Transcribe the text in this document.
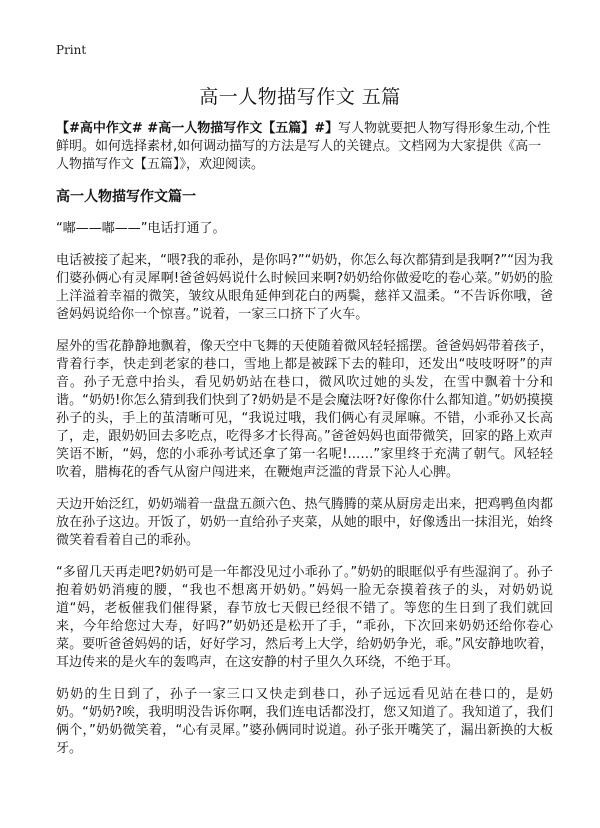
Print
高一人物描写作文 五篇

【#高中作文# #高一人物描写作文【五篇】#】写人物就要把人物写得形象生动,个性鲜明。如何选择素材,如何调动描写的方法是写人的关键点。文档网为大家提供《高一人物描写作文【五篇】》，欢迎阅读。

高一人物描写作文篇一

“嘟——嘟——”电话打通了。

电话被接了起来，“喂?我的乖孙，是你吗?”“奶奶，你怎么每次都猜到是我啊?”“因为我们婆孙俩心有灵犀啊!爸爸妈妈说什么时候回来啊?奶奶给你做爱吃的卷心菜。”奶奶的脸上洋溢着幸福的微笑，皱纹从眼角延伸到花白的两鬓，慈祥又温柔。“不告诉你哦，爸爸妈妈说给你一个惊喜。”说着，一家三口挤下了火车。

屋外的雪花静静地飘着，像天空中飞舞的天使随着微风轻轻摇摆。爸爸妈妈带着孩子，背着行李，快走到老家的巷口，雪地上都是被踩下去的鞋印，还发出“吱吱呀呀”的声音。孙子无意中抬头，看见奶奶站在巷口，微风吹过她的头发，在雪中飘着十分和谐。“奶奶!你怎么猜到我们快到了?奶奶是不是会魔法呀?好像你什么都知道。”奶奶摸摸孙子的头，手上的茧清晰可见，“我说过哦，我们俩心有灵犀嘛。不错，小乖孙又长高了，走，跟奶奶回去多吃点，吃得多才长得高。”爸爸妈妈也面带微笑，回家的路上欢声笑语不断，“妈，您的小乖孙考试还拿了第一名呢!……”家里终于充满了朝气。风轻轻吹着，腊梅花的香气从窗户闯进来，在鞭炮声泛滥的背景下沁人心脾。

天边开始泛红，奶奶端着一盘盘五颜六色、热气腾腾的菜从厨房走出来，把鸡鸭鱼肉都放在孙子这边。开饭了，奶奶一直给孙子夹菜，从她的眼中，好像透出一抹泪光，始终微笑着看着自己的乖孙。

“多留几天再走吧?奶奶可是一年都没见过小乖孙了。”奶奶的眼眶似乎有些湿润了。孙子抱着奶奶消瘦的腰，“我也不想离开奶奶。”妈妈一脸无奈摸着孩子的头，对奶奶说道“妈，老板催我们催得紧，春节放七天假已经很不错了。等您的生日到了我们就回来，今年给您过大寿，好吗?”奶奶还是松开了手，“乖孙，下次回来奶奶还给你卷心菜。要听爸爸妈妈的话，好好学习，然后考上大学，给奶奶争光，乖。”风安静地吹着，耳边传来的是火车的轰鸣声，在这安静的村子里久久环绕，不绝于耳。

奶奶的生日到了，孙子一家三口又快走到巷口，孙子远远看见站在巷口的，是奶奶。“奶奶?唉，我明明没告诉你啊，我们连电话都没打，您又知道了。我知道了，我们俩个，”奶奶微笑着，“心有灵犀。”婆孙俩同时说道。孙子张开嘴笑了，漏出新换的大板牙。
